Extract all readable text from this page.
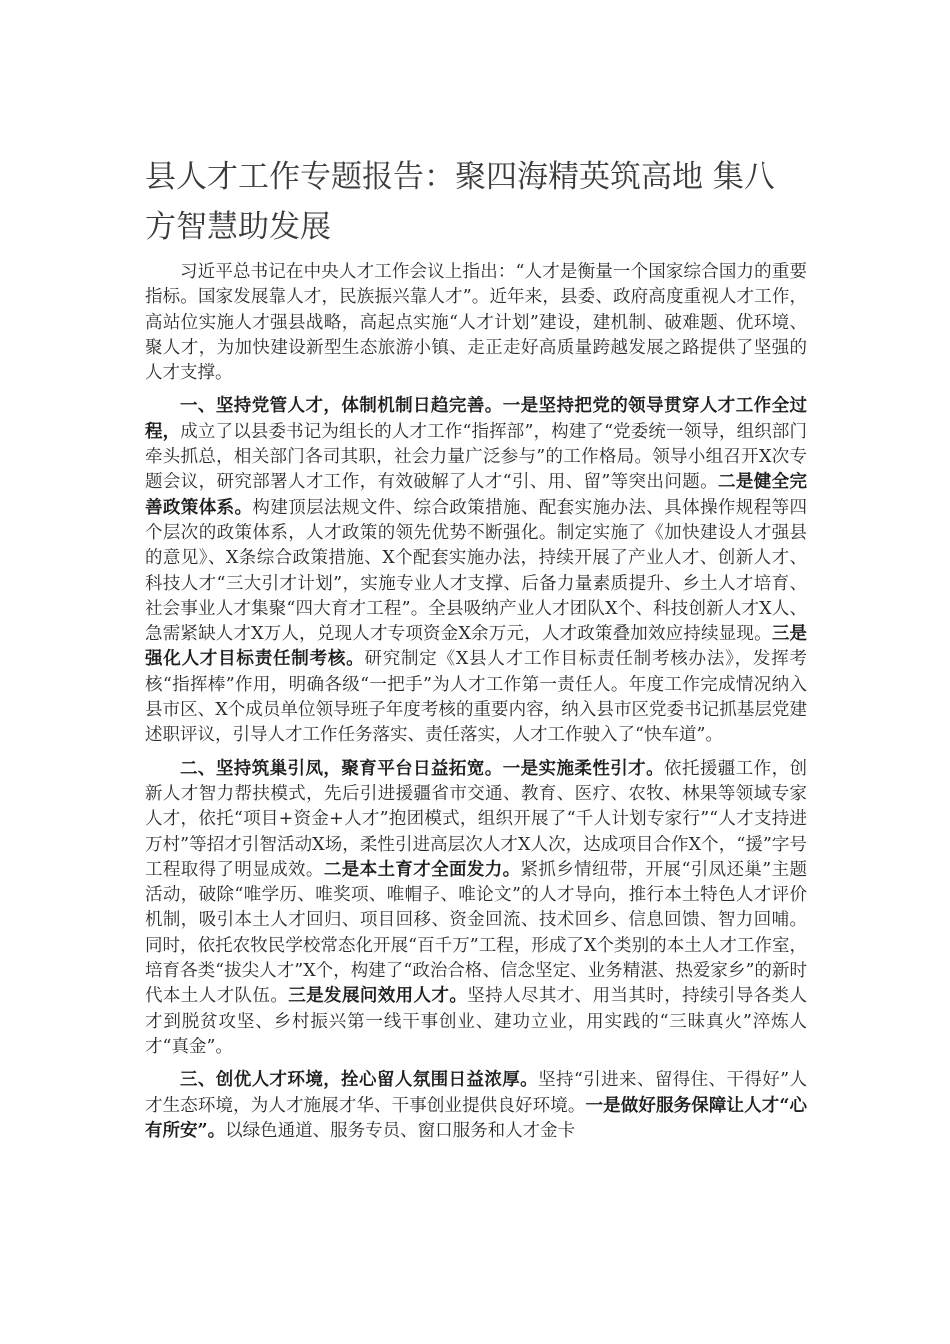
县人才工作专题报告：聚四海精英筑高地 集八方智慧助发展

习近平总书记在中央人才工作会议上指出：“人才是衡量一个国家综合国力的重要指标。国家发展靠人才，民族振兴靠人才”。近年来，县委、政府高度重视人才工作，高站位实施人才强县战略，高起点实施“人才计划”建设，建机制、破难题、优环境、聚人才，为加快建设新型生态旅游小镇、走正走好高质量跨越发展之路提供了坚强的人才支撑。

一、坚持党管人才，体制机制日趋完善。一是坚持把党的领导贯穿人才工作全过程，成立了以县委书记为组长的人才工作“指挥部”，构建了“党委统一领导，组织部门牵头抓总，相关部门各司其职，社会力量广泛参与”的工作格局。领导小组召开X次专题会议，研究部署人才工作，有效破解了人才“引、用、留”等突出问题。二是健全完善政策体系。构建顶层法规文件、综合政策措施、配套实施办法、具体操作规程等四个层次的政策体系，人才政策的领先优势不断强化。制定实施了《加快建设人才强县的意见》、X条综合政策措施、X个配套实施办法，持续开展了产业人才、创新人才、科技人才“三大引才计划”，实施专业人才支撑、后备力量素质提升、乡土人才培育、社会事业人才集聚“四大育才工程”。全县吸纳产业人才团队X个、科技创新人才X人、急需紧缺人才X万人，兑现人才专项资金X余万元，人才政策叠加效应持续显现。三是强化人才目标责任制考核。研究制定《X县人才工作目标责任制考核办法》，发挥考核“指挥棒”作用，明确各级“一把手”为人才工作第一责任人。年度工作完成情况纳入县市区、X个成员单位领导班子年度考核的重要内容，纳入县市区党委书记抓基层党建述职评议，引导人才工作任务落实、责任落实，人才工作驶入了“快车道”。

二、坚持筑巢引凤，聚育平台日益拓宽。一是实施柔性引才。依托援疆工作，创新人才智力帮扶模式，先后引进援疆省市交通、教育、医疗、农牧、林果等领域专家人才，依托“项目+资金+人才”抱团模式，组织开展了“千人计划专家行”“人才支持进万村”等招才引智活动X场，柔性引进高层次人才X人次，达成项目合作X个，“援”字号工程取得了明显成效。二是本土育才全面发力。紧抓乡情纽带，开展“引凤还巢”主题活动，破除“唯学历、唯奖项、唯帽子、唯论文”的人才导向，推行本土特色人才评价机制，吸引本土人才回归、项目回移、资金回流、技术回乡、信息回馈、智力回哺。同时，依托农牧民学校常态化开展“百千万”工程，形成了X个类别的本土人才工作室，培育各类“拔尖人才”X个，构建了“政治合格、信念坚定、业务精湛、热爱家乡”的新时代本土人才队伍。三是发展问效用人才。坚持人尽其才、用当其时，持续引导各类人才到脱贫攻坚、乡村振兴第一线干事创业、建功立业，用实践的“三昧真火”淬炼人才“真金”。

三、创优人才环境，拴心留人氛围日益浓厚。坚持“引进来、留得住、干得好”人才生态环境，为人才施展才华、干事创业提供良好环境。一是做好服务保障让人才“心有所安”。以绿色通道、服务专员、窗口服务和人才金卡
